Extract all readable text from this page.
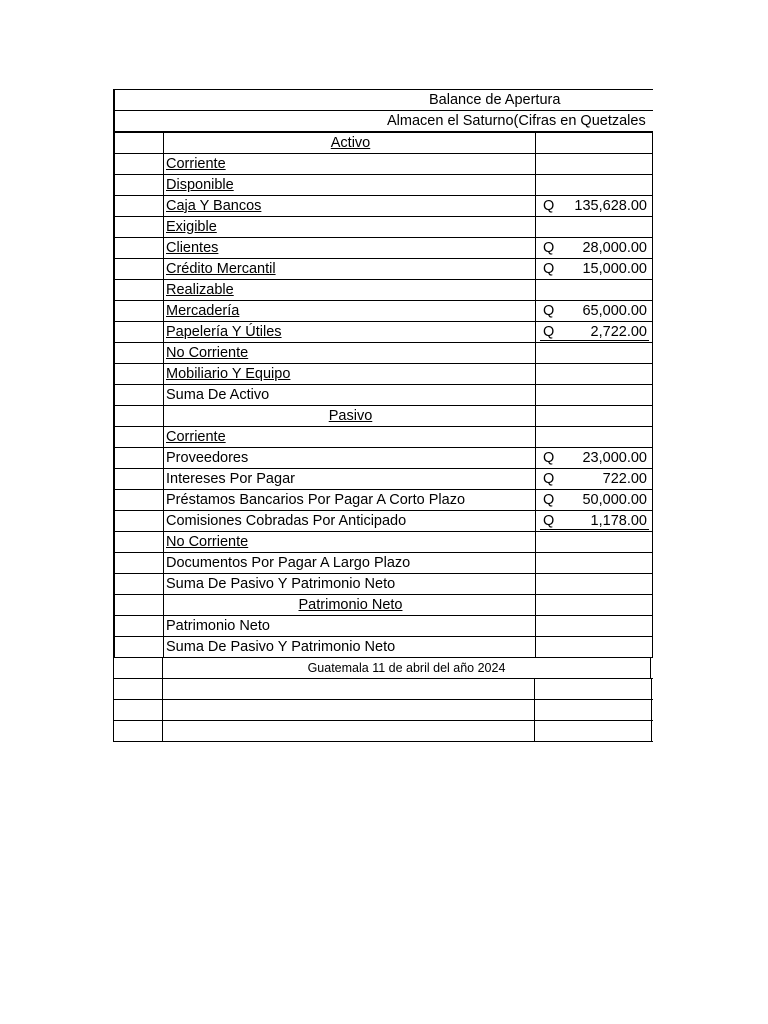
Balance de Apertura
Almacen el Saturno(Cifras en Quetzales
Activo
Corriente
Disponible
Caja Y Bancos	Q 135,628.00
Exigible
Clientes	Q 28,000.00
Crédito Mercantil	Q 15,000.00
Realizable
Mercadería	Q 65,000.00
Papelería Y Útiles	Q	2,722.00
No Corriente
Mobiliario Y Equipo
Suma De Activo
Pasivo
Corriente
Proveedores	Q 23,000.00
Intereses Por Pagar	Q	722.00
Préstamos Bancarios Por Pagar A Corto Plazo	Q 50,000.00
Comisiones Cobradas Por Anticipado	Q	1,178.00
No Corriente
Documentos Por Pagar A Largo Plazo
Suma De Pasivo Y Patrimonio Neto
Patrimonio Neto
Patrimonio Neto
Suma De Pasivo Y Patrimonio Neto
Guatemala 11 de abril del año 2024
